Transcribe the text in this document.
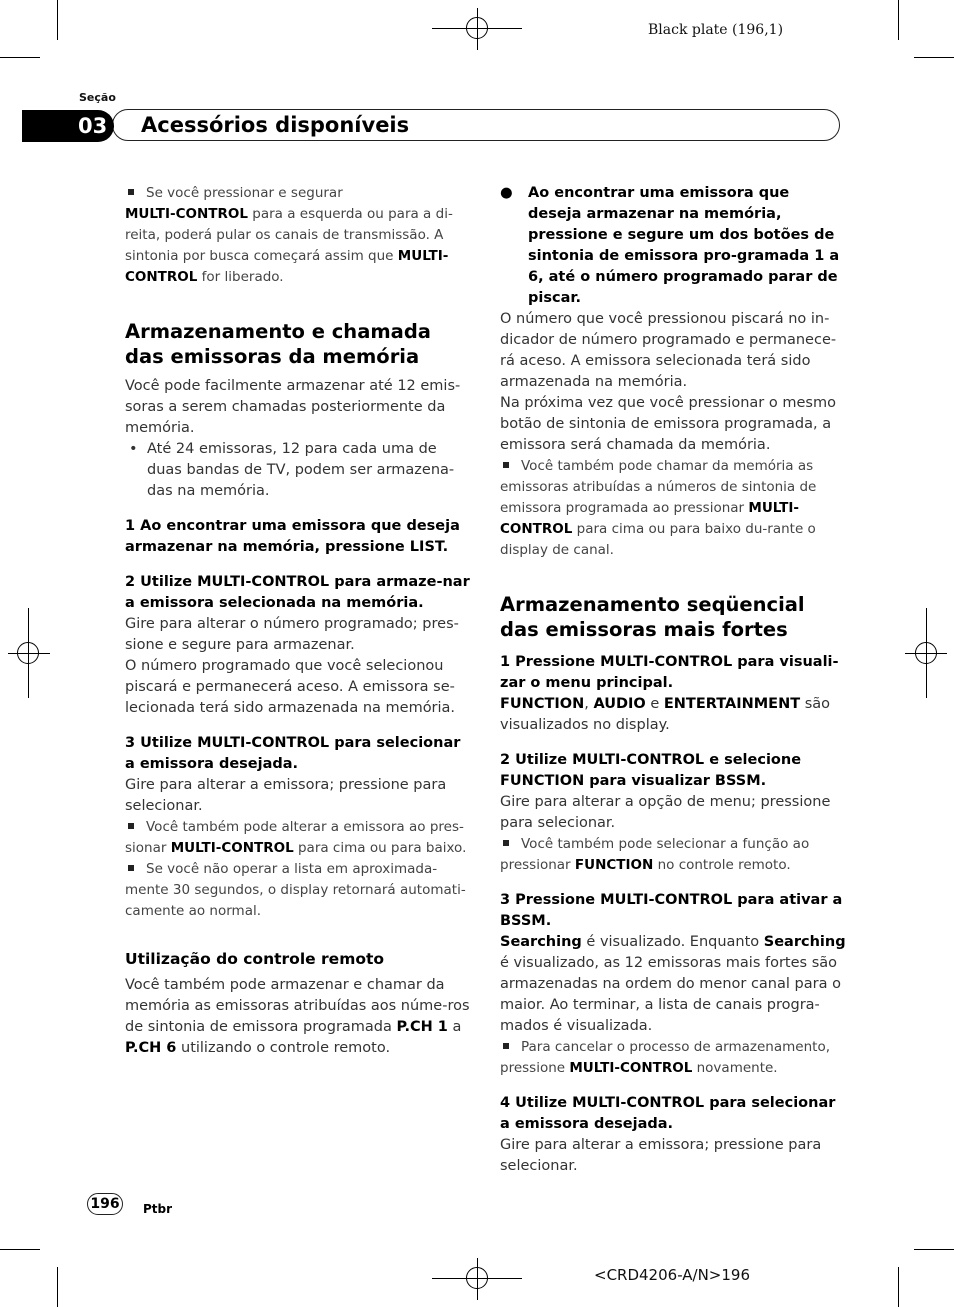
Black plate (196,1)
Seção
03	Acessórios disponíveis

Se você pressionar e segurar
MULTI-CONTROL para a esquerda ou para a di-reita, poderá pular os canais de transmissão. A sintonia por busca começará assim que MULTI-CONTROL for liberado.

Armazenamento e chamada das emissoras da memória

Você pode facilmente armazenar até 12 emis-soras a serem chamadas posteriormente da memória.

• Até 24 emissoras, 12 para cada uma de duas bandas de TV, podem ser armazena-das na memória.

1 Ao encontrar uma emissora que deseja armazenar na memória, pressione LIST.

2 Utilize MULTI-CONTROL para armaze-nar a emissora selecionada na memória.

Gire para alterar o número programado; pres-sione e segure para armazenar.

O número programado que você selecionou piscará e permanecerá aceso. A emissora se-lecionada terá sido armazenada na memória.

3 Utilize MULTI-CONTROL para selecionar a emissora desejada.

Gire para alterar a emissora; pressione para selecionar.

Você também pode alterar a emissora ao pres-sionar MULTI-CONTROL para cima ou para baixo.

Se você não operar a lista em aproximada-mente 30 segundos, o display retornará automati-camente ao normal.

Utilização do controle remoto

Você também pode armazenar e chamar da memória as emissoras atribuídas aos núme-ros de sintonia de emissora programada P.CH 1 a P.CH 6 utilizando o controle remoto.

● Ao encontrar uma emissora que deseja armazenar na memória, pressione e segure um dos botões de sintonia de emissora pro-gramada 1 a 6, até o número programado parar de piscar.

O número que você pressionou piscará no in-dicador de número programado e permanece-rá aceso. A emissora selecionada terá sido armazenada na memória.

Na próxima vez que você pressionar o mesmo botão de sintonia de emissora programada, a emissora será chamada da memória.

Você também pode chamar da memória as emissoras atribuídas a números de sintonia de emissora programada ao pressionar MULTI-CONTROL para cima ou para baixo du-rante o display de canal.

Armazenamento seqüencial das emissoras mais fortes

1 Pressione MULTI-CONTROL para visuali-zar o menu principal.

FUNCTION, AUDIO e ENTERTAINMENT são visualizados no display.

2 Utilize MULTI-CONTROL e selecione FUNCTION para visualizar BSSM.

Gire para alterar a opção de menu; pressione para selecionar.

Você também pode selecionar a função ao pressionar FUNCTION no controle remoto.

3 Pressione MULTI-CONTROL para ativar a BSSM.

Searching é visualizado. Enquanto Searching é visualizado, as 12 emissoras mais fortes são armazenadas na ordem do menor canal para o maior. Ao terminar, a lista de canais progra-mados é visualizada.

Para cancelar o processo de armazenamento, pressione MULTI-CONTROL novamente.

4 Utilize MULTI-CONTROL para selecionar a emissora desejada.

Gire para alterar a emissora; pressione para selecionar.

196 Ptbr
<CRD4206-A/N>196
